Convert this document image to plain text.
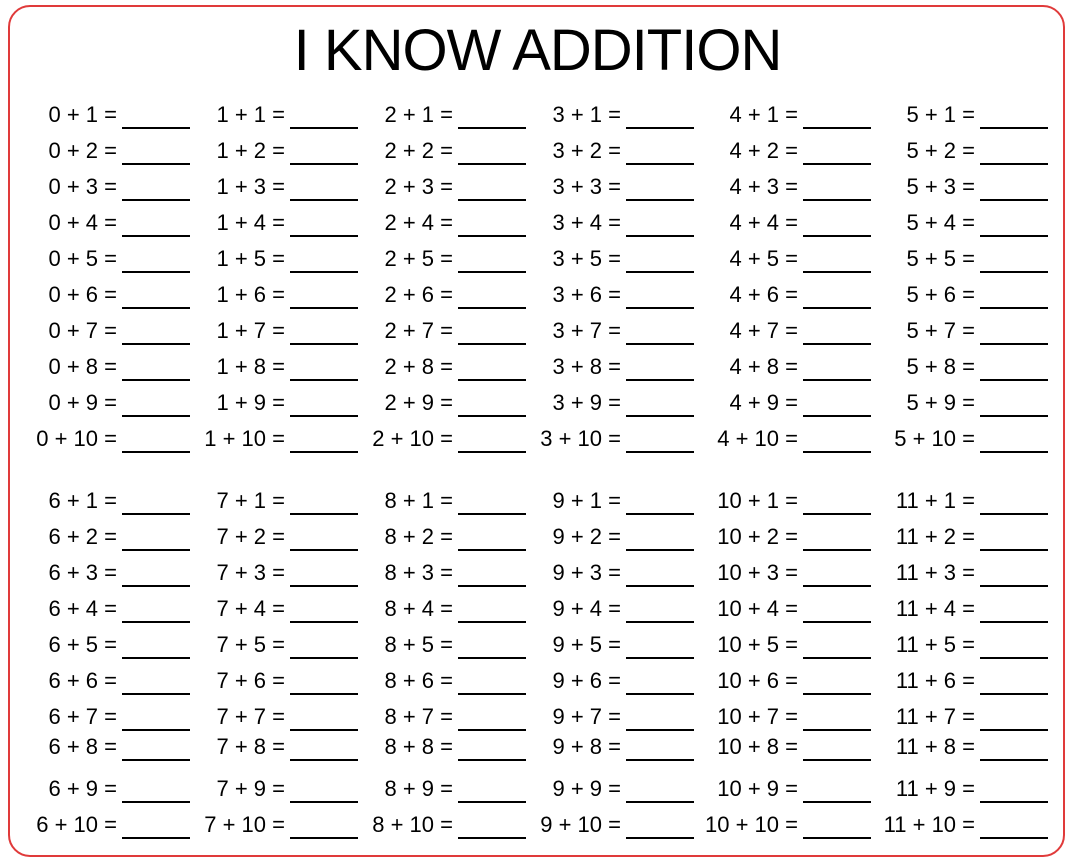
I KNOW ADDITION
0 + 1 =	1 + 1 =	2 + 1 =	3 + 1 =	4 + 1 =	5 + 1 =
0 + 2 =	1 + 2 =	2 + 2 =	3 + 2 =	4 + 2 =	5 + 2 =
0 + 3 =	1 + 3 =	2 + 3 =	3 + 3 =	4 + 3 =	5 + 3 =
0 + 4 =	1 + 4 =	2 + 4 =	3 + 4 =	4 + 4 =	5 + 4 =
0 + 5 =	1 + 5 =	2 + 5 =	3 + 5 =	4 + 5 =	5 + 5 =
0 + 6 =	1 + 6 =	2 + 6 =	3 + 6 =	4 + 6 =	5 + 6 =
0 + 7 =	1 + 7 =	2 + 7 =	3 + 7 =	4 + 7 =	5 + 7 =
0 + 8 =	1 + 8 =	2 + 8 =	3 + 8 =	4 + 8 =	5 + 8 =
0 + 9 =	1 + 9 =	2 + 9 =	3 + 9 =	4 + 9 =	5 + 9 =
0 + 10 =	1 + 10 =	2 + 10 =	3 + 10 =	4 + 10 =	5 + 10 =
6 + 1 =	7 + 1 =	8 + 1 =	9 + 1 =	10 + 1 =	11 + 1 =
6 + 2 =	7 + 2 =	8 + 2 =	9 + 2 =	10 + 2 =	11 + 2 =
6 + 3 =	7 + 3 =	8 + 3 =	9 + 3 =	10 + 3 =	11 + 3 =
6 + 4 =	7 + 4 =	8 + 4 =	9 + 4 =	10 + 4 =	11 + 4 =
6 + 5 =	7 + 5 =	8 + 5 =	9 + 5 =	10 + 5 =	11 + 5 =
6 + 6 =	7 + 6 =	8 + 6 =	9 + 6 =	10 + 6 =	11 + 6 =
6 + 7 =	7 + 7 =	8 + 7 =	9 + 7 =	10 + 7 =	11 + 7 =
6 + 8 =	7 + 8 =	8 + 8 =	9 + 8 =	10 + 8 =	11 + 8 =
6 + 9 =	7 + 9 =	8 + 9 =	9 + 9 =	10 + 9 =	11 + 9 =
6 + 10 =	7 + 10 =	8 + 10 =	9 + 10 =	10 + 10 =	11 + 10 =
